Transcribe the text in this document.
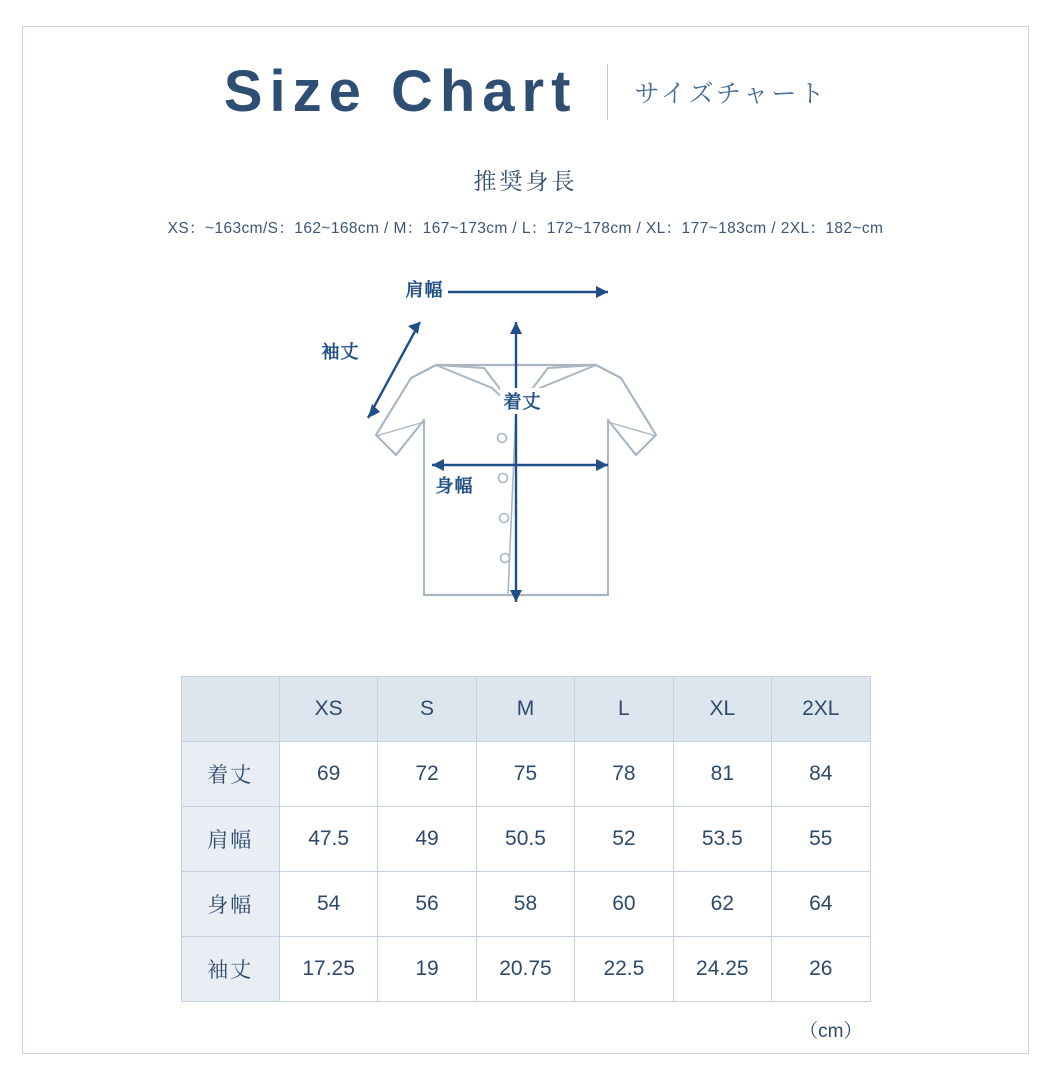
Size Chart サイズチャート
推奨身長
XS：~163cm/S：162~168cm / M：167~173cm / L：172~178cm / XL：177~183cm / 2XL：182~cm
肩幅
袖丈
着丈
身幅
	XS	S	M	L	XL	2XL
着丈	69	72	75	78	81	84
肩幅	47.5	49	50.5	52	53.5	55
身幅	54	56	58	60	62	64
袖丈	17.25	19	20.75	22.5	24.25	26
（cm）
